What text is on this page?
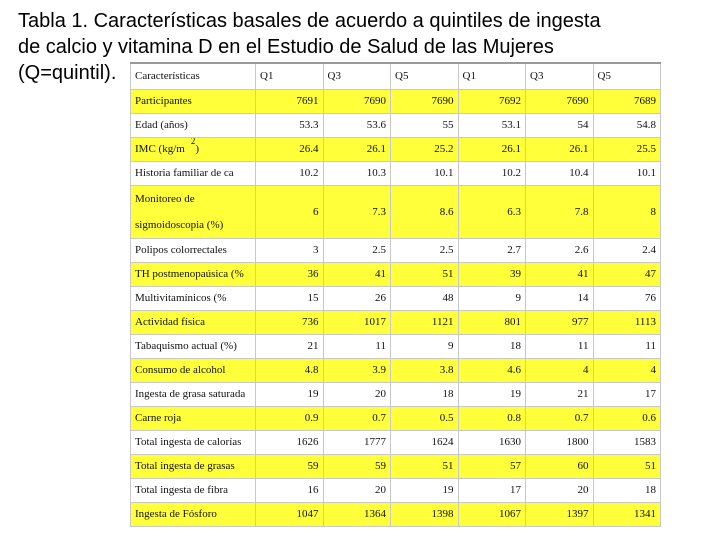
Tabla 1. Características basales de acuerdo a quintiles de ingesta
de calcio y vitamina D en el Estudio de Salud de las Mujeres
(Q=quintil).	Características	Q1	Q3	Q5	Q1	Q3	Q5
Participantes	7691	7690	7690	7692	7690	7689
Edad (años)	53.3	53.6	55	53.1	54	54.8
IMC $(kg/m^2)$	26.4	26.1	25.2	26.1	26.1	25.5
Historia familiar de ca	10.2	10.3	10.1	10.2	10.4	10.1

Monitoreo de
sigmoidoscopia (%)	6	7.3	8.6	6.3	7.8	8
Polipos colorrectales	3	2.5	2.5	2.7	2.6	2.4
TH postmenopaúsica (%	36	41	51	39	41	47
Multivitamínicos (%	15	26	48	9	14	76
Actividad física	736	1017	1121	801	977	1113
Tabaquismo actual (%)	21	11	9	18	11	11
Consumo de alcohol	4.8	3.9	3.8	4.6	4	4
Ingesta de grasa saturada	19	20	18	19	21	17
Carne roja	0.9	0.7	0.5	0.8	0.7	0.6
Total ingesta de calorías	1626	1777	1624	1630	1800	1583
Total ingesta de grasas	59	59	51	57	60	51
Total ingesta de fibra	16	20	19	17	20	18
Ingesta de Fósforo	1047	1364	1398	1067	1397	1341
